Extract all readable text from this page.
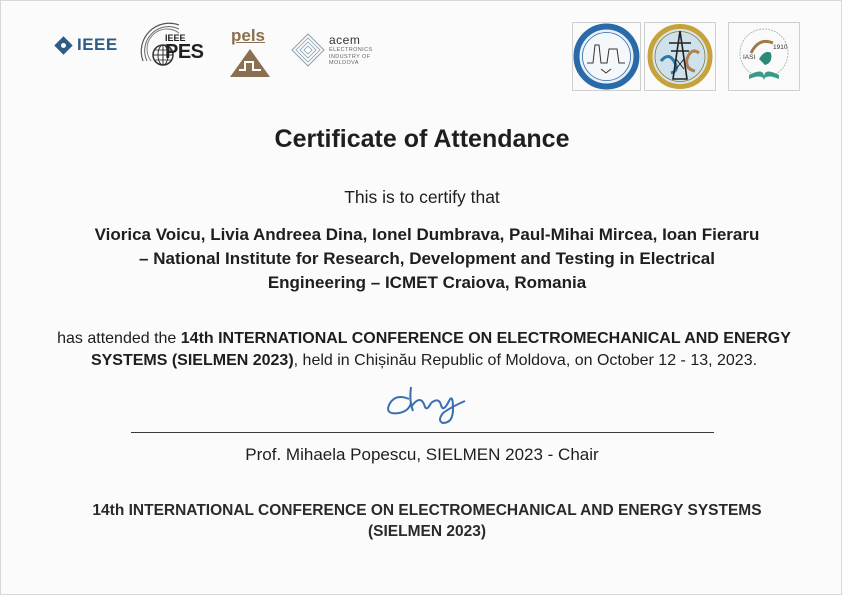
IEEE	IEEE
PES
pels	acem
ELECTRONICS
INDUSTRY OF
MOLDOVA
IASI
1910
Certificate of Attendance
This is to certify that
Viorica Voicu, Livia Andreea Dina, Ionel Dumbrava, Paul-Mihai Mircea, Ioan Fieraru
– National Institute for Research, Development and Testing in Electrical
Engineering – ICMET Craiova, Romania
has attended the 14th INTERNATIONAL CONFERENCE ON ELECTROMECHANICAL AND ENERGY
SYSTEMS (SIELMEN 2023), held in Chișinău Republic of Moldova, on October 12 - 13, 2023.
Prof. Mihaela Popescu, SIELMEN 2023 - Chair
14th INTERNATIONAL CONFERENCE ON ELECTROMECHANICAL AND ENERGY SYSTEMS
(SIELMEN 2023)
